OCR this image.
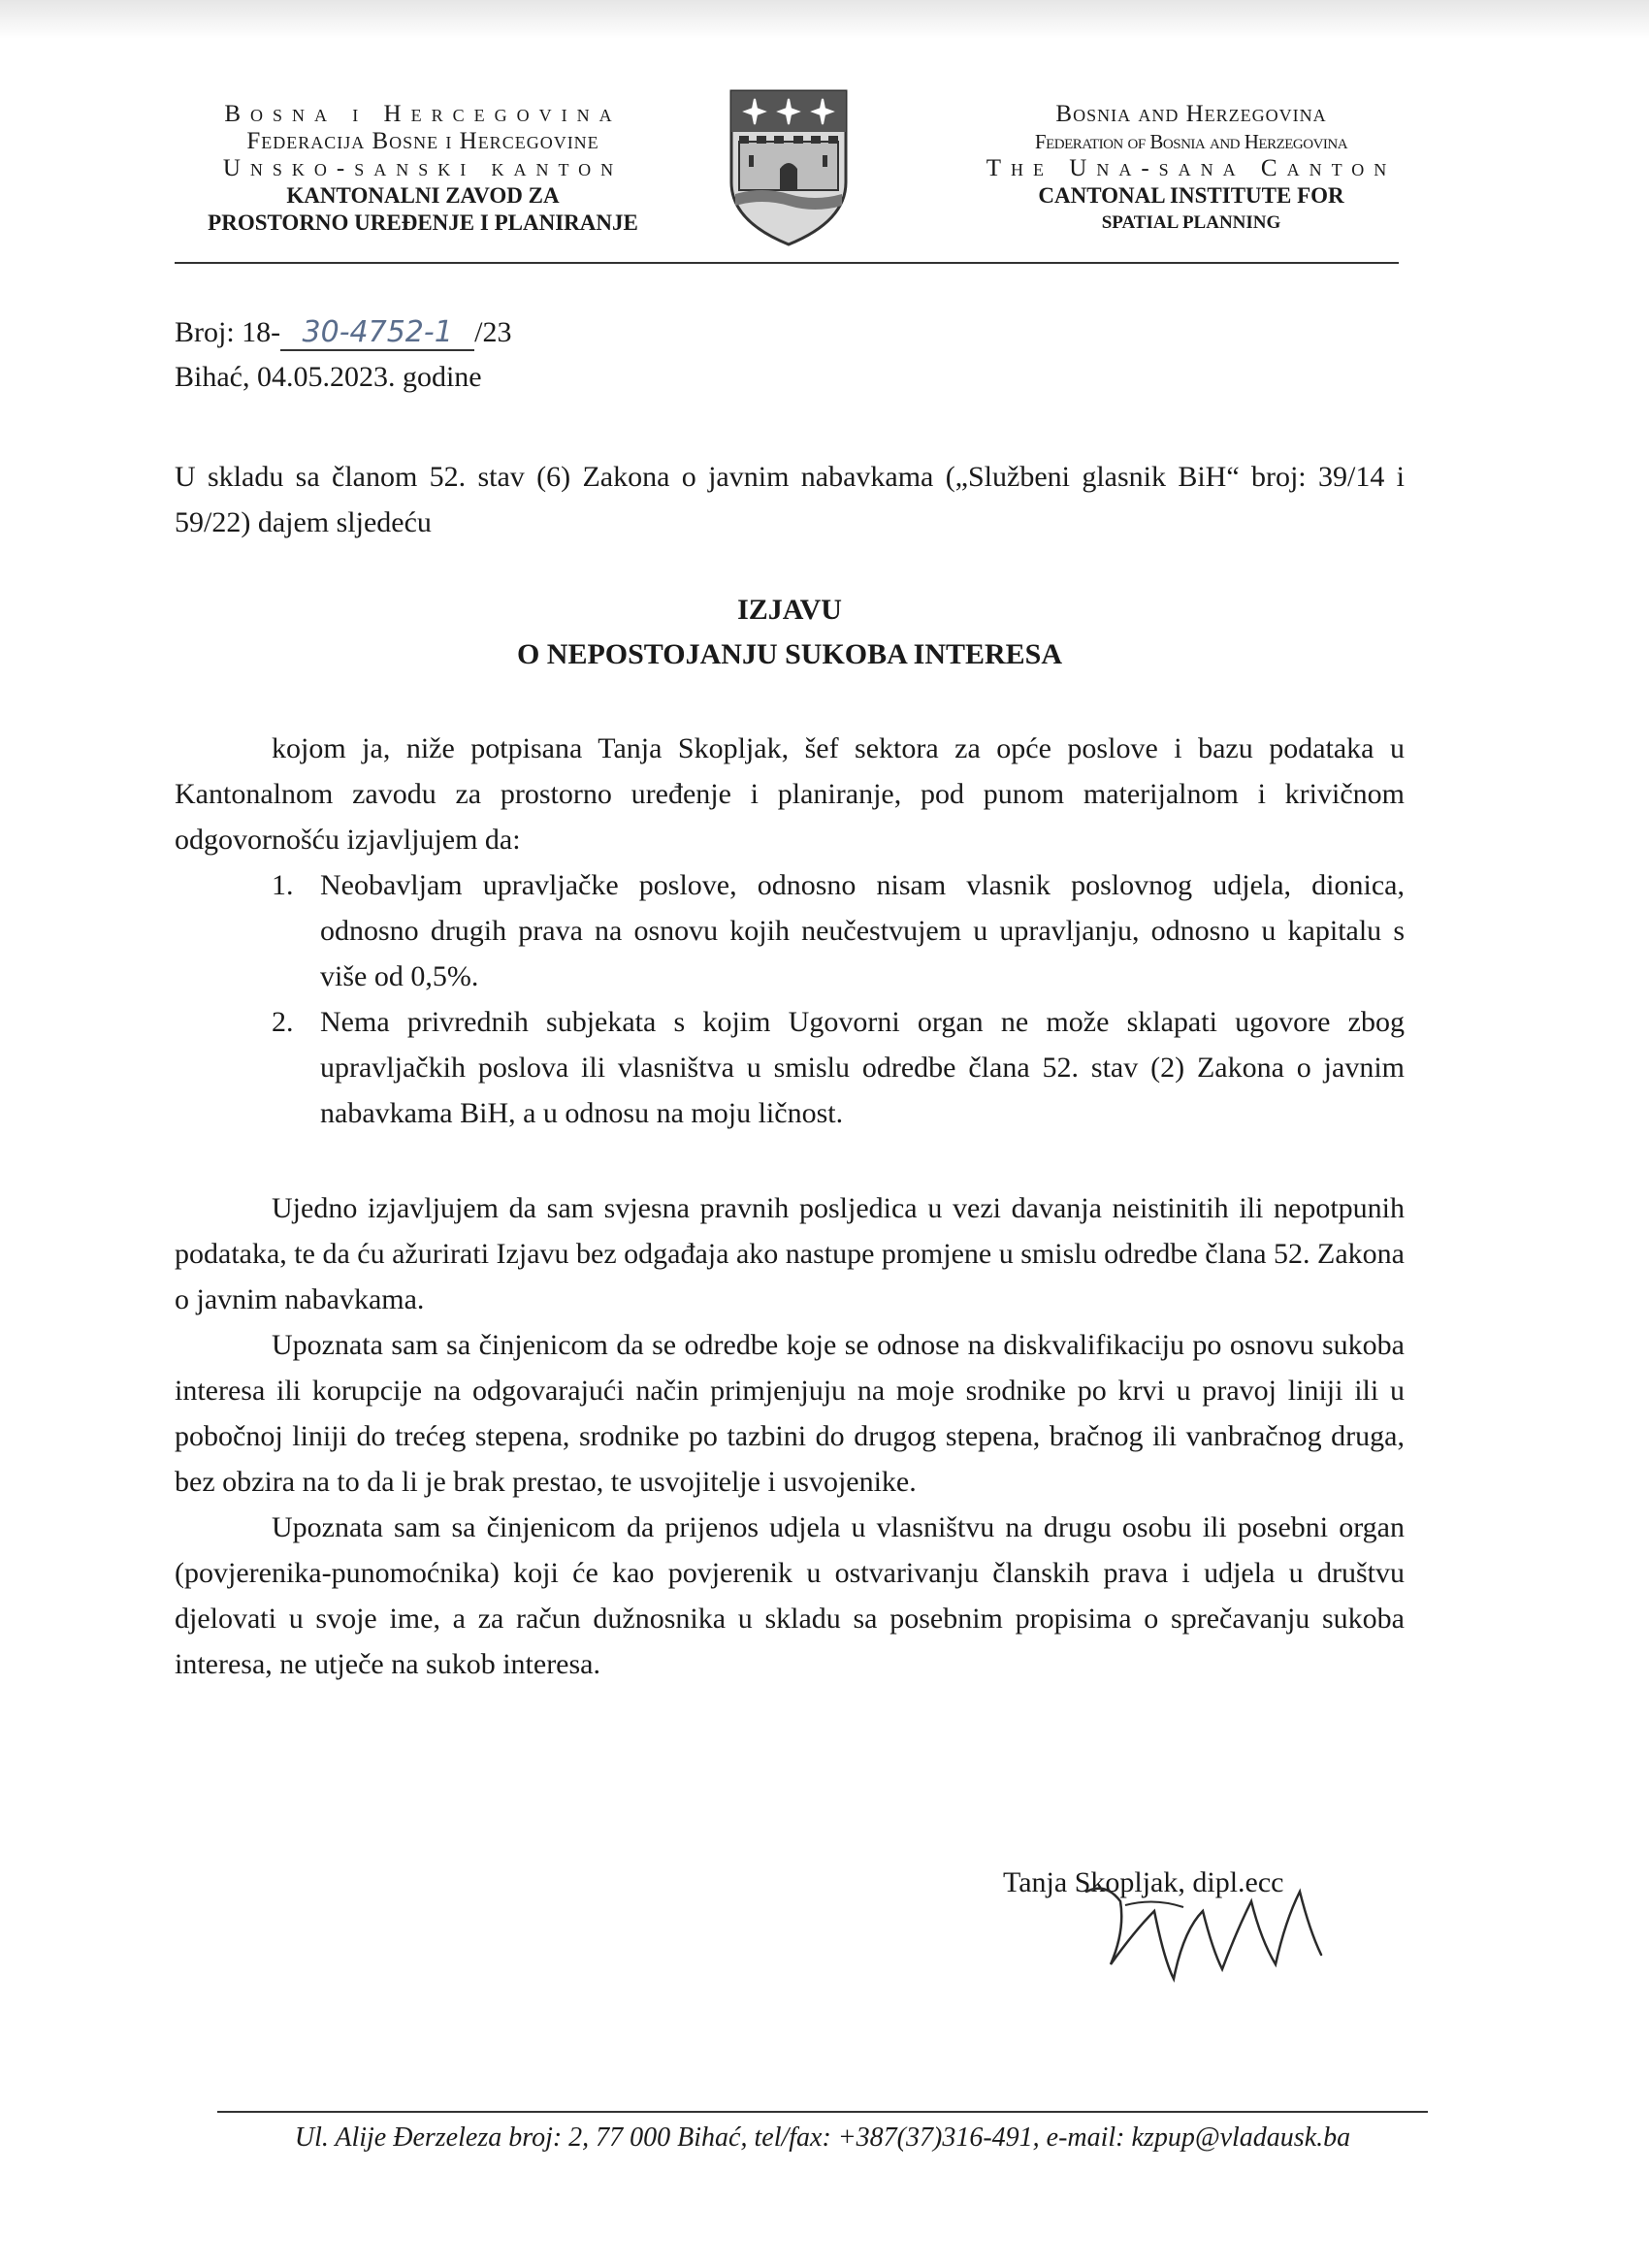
Bosna i Hercegovina
Federacija Bosne i Hercegovine
Unsko-sanski kanton
KANTONALNI ZAVOD ZA
PROSTORNO UREĐENJE I PLANIRANJE
Bosnia and Herzegovina
Federation of Bosnia and Herzegovina
The Una-sana Canton
CANTONAL INSTITUTE FOR
SPATIAL PLANNING
Broj: 18- 30-4752-1 /23
Bihać, 04.05.2023. godine
U skladu sa članom 52. stav (6) Zakona o javnim nabavkama („Službeni glasnik BiH“ broj: 39/14 i 59/22) dajem sljedeću
IZJAVU
O NEPOSTOJANJU SUKOBA INTERESA

kojom ja, niže potpisana Tanja Skopljak, šef sektora za opće poslove i bazu podataka u Kantonalnom zavodu za prostorno uređenje i planiranje, pod punom materijalnom i krivičnom odgovornošću izjavljujem da:

1. Neobavljam upravljačke poslove, odnosno nisam vlasnik poslovnog udjela, dionica, odnosno drugih prava na osnovu kojih neučestvujem u upravljanju, odnosno u kapitalu s više od 0,5%.
2. Nema privrednih subjekata s kojim Ugovorni organ ne može sklapati ugovore zbog upravljačkih poslova ili vlasništva u smislu odredbe člana 52. stav (2) Zakona o javnim nabavkama BiH, a u odnosu na moju ličnost.

Ujedno izjavljujem da sam svjesna pravnih posljedica u vezi davanja neistinitih ili nepotpunih podataka, te da ću ažurirati Izjavu bez odgađaja ako nastupe promjene u smislu odredbe člana 52. Zakona o javnim nabavkama.

Upoznata sam sa činjenicom da se odredbe koje se odnose na diskvalifikaciju po osnovu sukoba interesa ili korupcije na odgovarajući način primjenjuju na moje srodnike po krvi u pravoj liniji ili u pobočnoj liniji do trećeg stepena, srodnike po tazbini do drugog stepena, bračnog ili vanbračnog druga, bez obzira na to da li je brak prestao, te usvojitelje i usvojenike.

Upoznata sam sa činjenicom da prijenos udjela u vlasništvu na drugu osobu ili posebni organ (povjerenika-punomoćnika) koji će kao povjerenik u ostvarivanju članskih prava i udjela u društvu djelovati u svoje ime, a za račun dužnosnika u skladu sa posebnim propisima o sprečavanju sukoba interesa, ne utječe na sukob interesa.

Tanja Skopljak, dipl.ecc
Ul. Alije Đerzeleza broj: 2, 77 000 Bihać, tel/fax: +387(37)316-491, e-mail: kzpup@vladausk.ba
